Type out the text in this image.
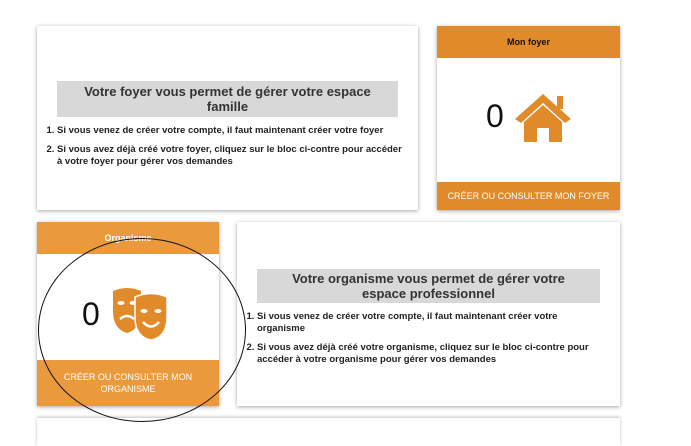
Votre foyer vous permet de gérer votre espace famille
1. Si vous venez de créer votre compte, il faut maintenant créer votre foyer
2. Si vous avez déjà créé votre foyer, cliquez sur le bloc ci-contre pour accéder à votre foyer pour gérer vos demandes
Mon foyer
0
CRÉER OU CONSULTER MON FOYER
Organisme
0
CRÉER OU CONSULTER MON ORGANISME
Votre organisme vous permet de gérer votre espace professionnel
1. Si vous venez de créer votre compte, il faut maintenant créer votre organisme
2. Si vous avez déjà créé votre organisme, cliquez sur le bloc ci-contre pour accéder à votre organisme pour gérer vos demandes
